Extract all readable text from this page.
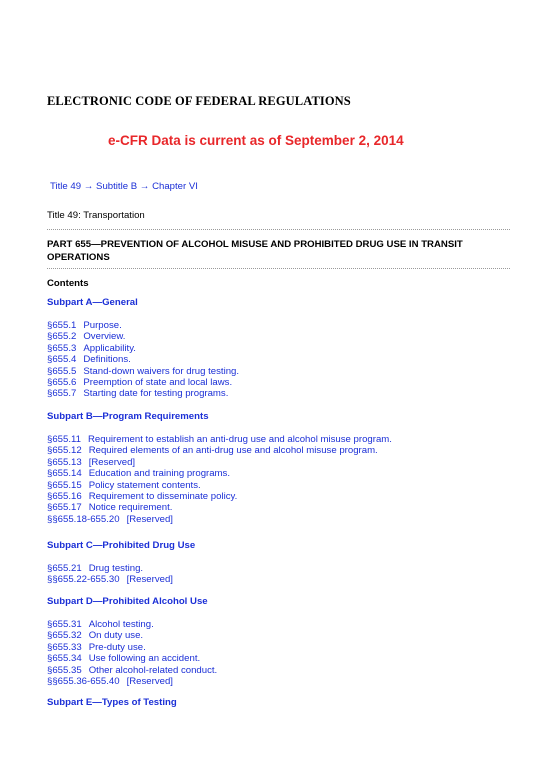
ELECTRONIC CODE OF FEDERAL REGULATIONS

e-CFR Data is current as of September 2, 2014

Title 49 → Subtitle B → Chapter VI
Title 49: Transportation
PART 655—PREVENTION OF ALCOHOL MISUSE AND PROHIBITED DRUG USE IN TRANSIT OPERATIONS
Contents
Subpart A—General
§655.1 Purpose.
§655.2 Overview.
§655.3 Applicability.
§655.4 Definitions.
§655.5 Stand-down waivers for drug testing.
§655.6 Preemption of state and local laws.
§655.7 Starting date for testing programs.
Subpart B—Program Requirements
§655.11 Requirement to establish an anti-drug use and alcohol misuse program.
§655.12 Required elements of an anti-drug use and alcohol misuse program.
§655.13 [Reserved]
§655.14 Education and training programs.
§655.15 Policy statement contents.
§655.16 Requirement to disseminate policy.
§655.17 Notice requirement.
§§655.18-655.20 [Reserved]
Subpart C—Prohibited Drug Use
§655.21 Drug testing.
§§655.22-655.30 [Reserved]
Subpart D—Prohibited Alcohol Use
§655.31 Alcohol testing.
§655.32 On duty use.
§655.33 Pre-duty use.
§655.34 Use following an accident.
§655.35 Other alcohol-related conduct.
§§655.36-655.40 [Reserved]
Subpart E—Types of Testing
